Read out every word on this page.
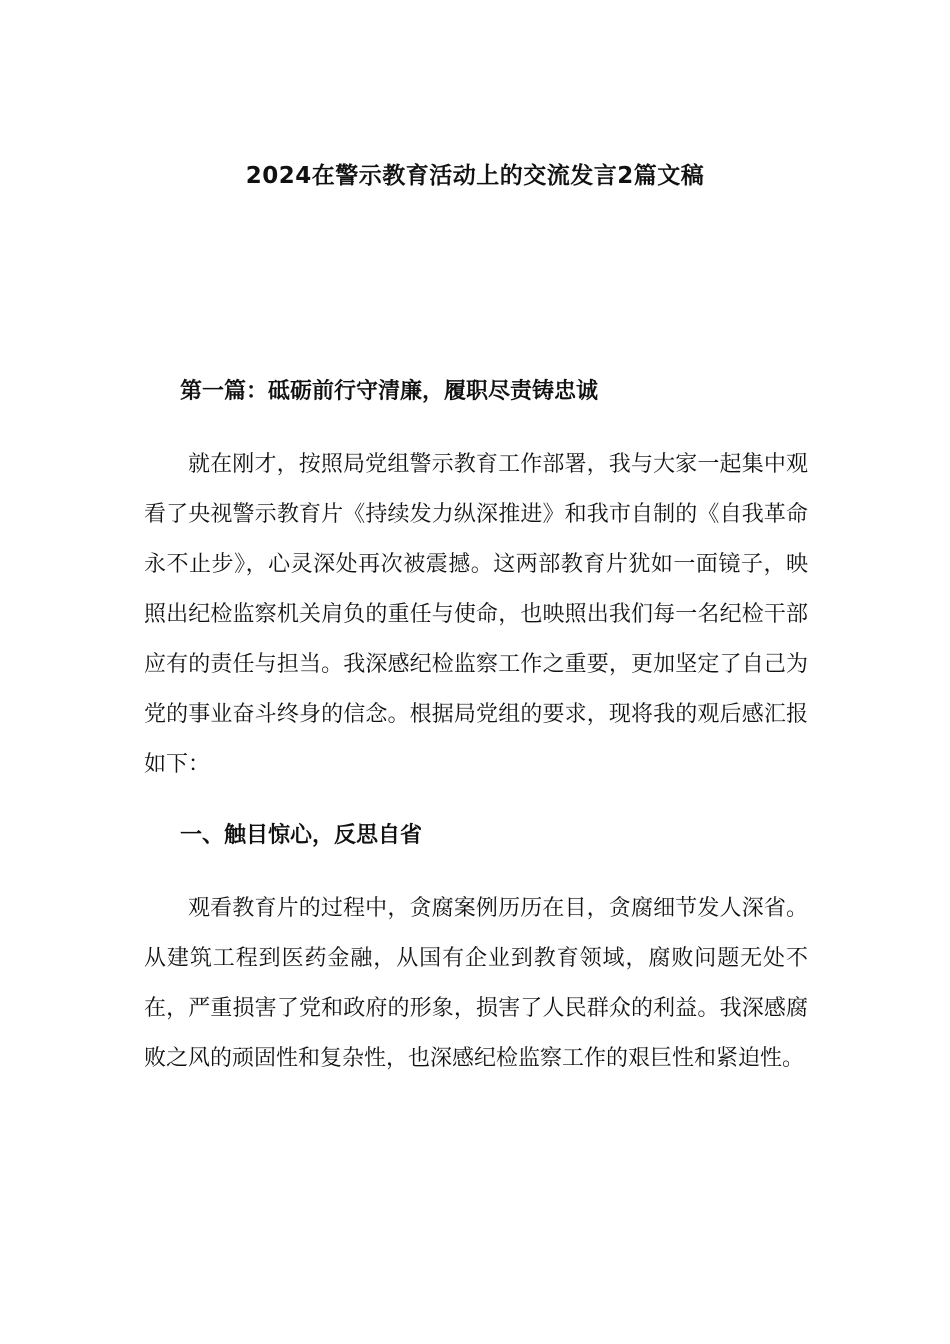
2024在警示教育活动上的交流发言2篇文稿
第一篇：砥砺前行守清廉，履职尽责铸忠诚

就在刚才，按照局党组警示教育工作部署，我与大家一起集中观看了央视警示教育片《持续发力纵深推进》和我市自制的《自我革命永不止步》，心灵深处再次被震撼。这两部教育片犹如一面镜子，映照出纪检监察机关肩负的重任与使命，也映照出我们每一名纪检干部应有的责任与担当。我深感纪检监察工作之重要，更加坚定了自己为党的事业奋斗终身的信念。根据局党组的要求，现将我的观后感汇报如下：

一、触目惊心，反思自省

观看教育片的过程中，贪腐案例历历在目，贪腐细节发人深省。从建筑工程到医药金融，从国有企业到教育领域，腐败问题无处不在，严重损害了党和政府的形象，损害了人民群众的利益。我深感腐败之风的顽固性和复杂性，也深感纪检监察工作的艰巨性和紧迫性。
